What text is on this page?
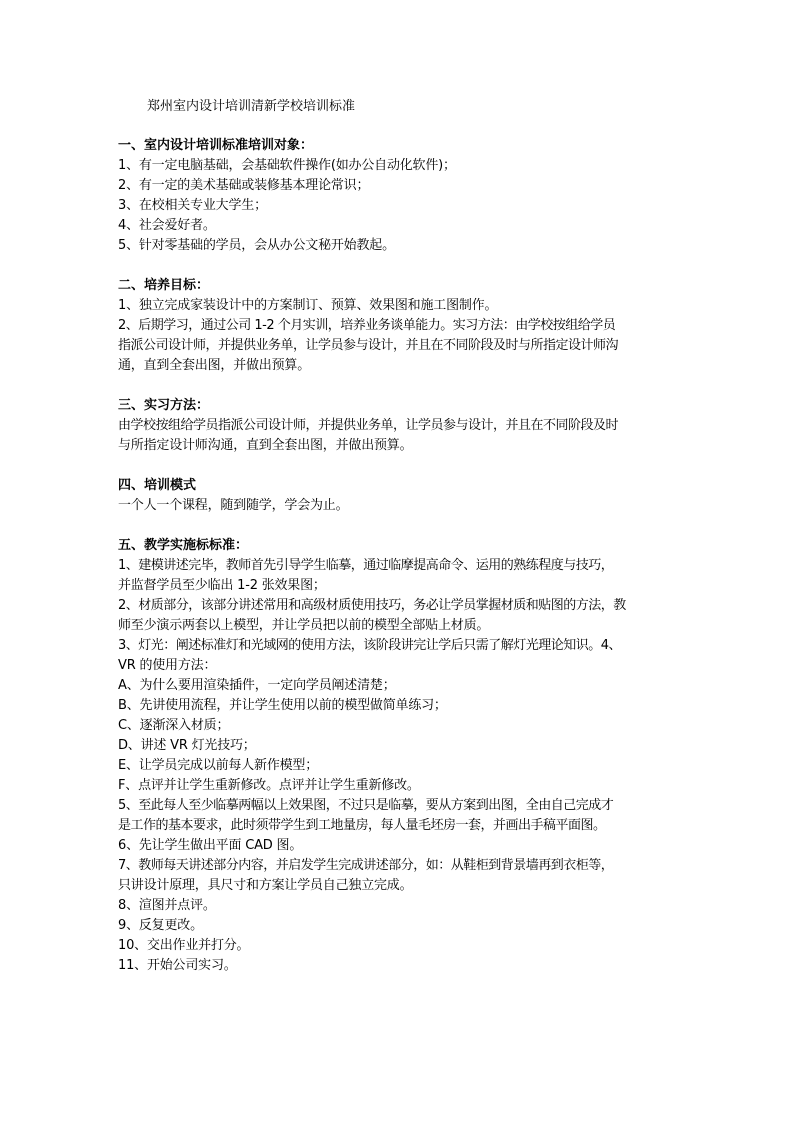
郑州室内设计培训清新学校培训标准
一、室内设计培训标准培训对象：
1、有一定电脑基础，会基础软件操作(如办公自动化软件)；
2、有一定的美术基础或装修基本理论常识；
3、在校相关专业大学生；
4、社会爱好者。
5、针对零基础的学员，会从办公文秘开始教起。
二、培养目标：
1、独立完成家装设计中的方案制订、预算、效果图和施工图制作。
2、后期学习，通过公司 1-2 个月实训，培养业务谈单能力。实习方法：由学校按组给学员
指派公司设计师，并提供业务单，让学员参与设计，并且在不同阶段及时与所指定设计师沟
通，直到全套出图，并做出预算。
三、实习方法：
由学校按组给学员指派公司设计师，并提供业务单，让学员参与设计，并且在不同阶段及时
与所指定设计师沟通，直到全套出图，并做出预算。
四、培训模式
一个人一个课程，随到随学，学会为止。
五、教学实施标标准：
1、建模讲述完毕，教师首先引导学生临摹，通过临摩提高命令、运用的熟练程度与技巧，
并监督学员至少临出 1-2 张效果图；
2、材质部分，该部分讲述常用和高级材质使用技巧，务必让学员掌握材质和贴图的方法，教
师至少演示两套以上模型，并让学员把以前的模型全部贴上材质。
3、灯光：阐述标准灯和光域网的使用方法，该阶段讲完让学后只需了解灯光理论知识。4、
VR 的使用方法：
A、为什么要用渲染插件，一定向学员阐述清楚；
B、先讲使用流程，并让学生使用以前的模型做简单练习；
C、逐渐深入材质；
D、讲述 VR 灯光技巧；
E、让学员完成以前每人新作模型；
F、点评并让学生重新修改。点评并让学生重新修改。
5、至此每人至少临摹两幅以上效果图，不过只是临摹，要从方案到出图，全由自己完成才
是工作的基本要求，此时须带学生到工地量房，每人量毛坯房一套，并画出手稿平面图。
6、先让学生做出平面 CAD 图。
7、教师每天讲述部分内容，并启发学生完成讲述部分，如：从鞋柜到背景墙再到衣柜等，
只讲设计原理，具尺寸和方案让学员自己独立完成。
8、渲图并点评。
9、反复更改。
10、交出作业并打分。
11、开始公司实习。
